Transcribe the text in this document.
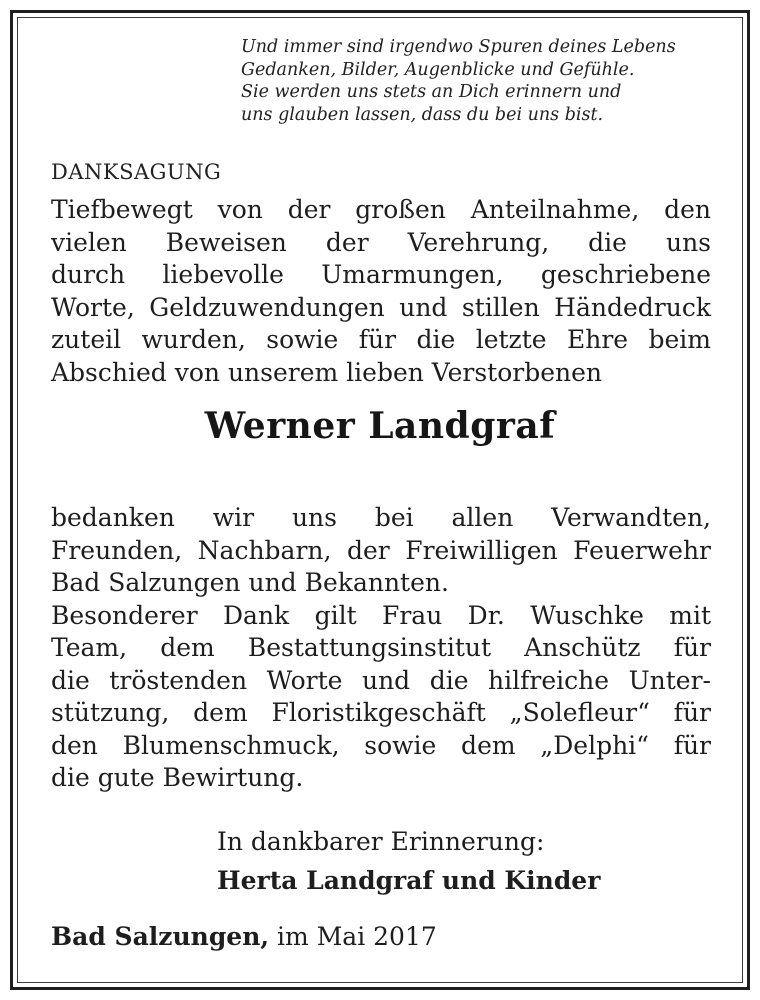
Und immer sind irgendwo Spuren deines Lebens
Gedanken, Bilder, Augenblicke und Gefühle.
Sie werden uns stets an Dich erinnern und
uns glauben lassen, dass du bei uns bist.
DANKSAGUNG
Tiefbewegt von der großen Anteilnahme, den
vielen Beweisen der Verehrung, die uns
durch liebevolle Umarmungen, geschriebene
Worte, Geldzuwendungen und stillen Händedruck
zuteil wurden, sowie für die letzte Ehre beim
Abschied von unserem lieben Verstorbenen
Werner Landgraf
bedanken wir uns bei allen Verwandten,
Freunden, Nachbarn, der Freiwilligen Feuerwehr
Bad Salzungen und Bekannten.
Besonderer Dank gilt Frau Dr. Wuschke mit
Team, dem Bestattungsinstitut Anschütz für
die tröstenden Worte und die hilfreiche Unter-
stützung, dem Floristikgeschäft „Solefleur“ für
den Blumenschmuck, sowie dem „Delphi“ für
die gute Bewirtung.
In dankbarer Erinnerung:
Herta Landgraf und Kinder
Bad Salzungen, im Mai 2017
